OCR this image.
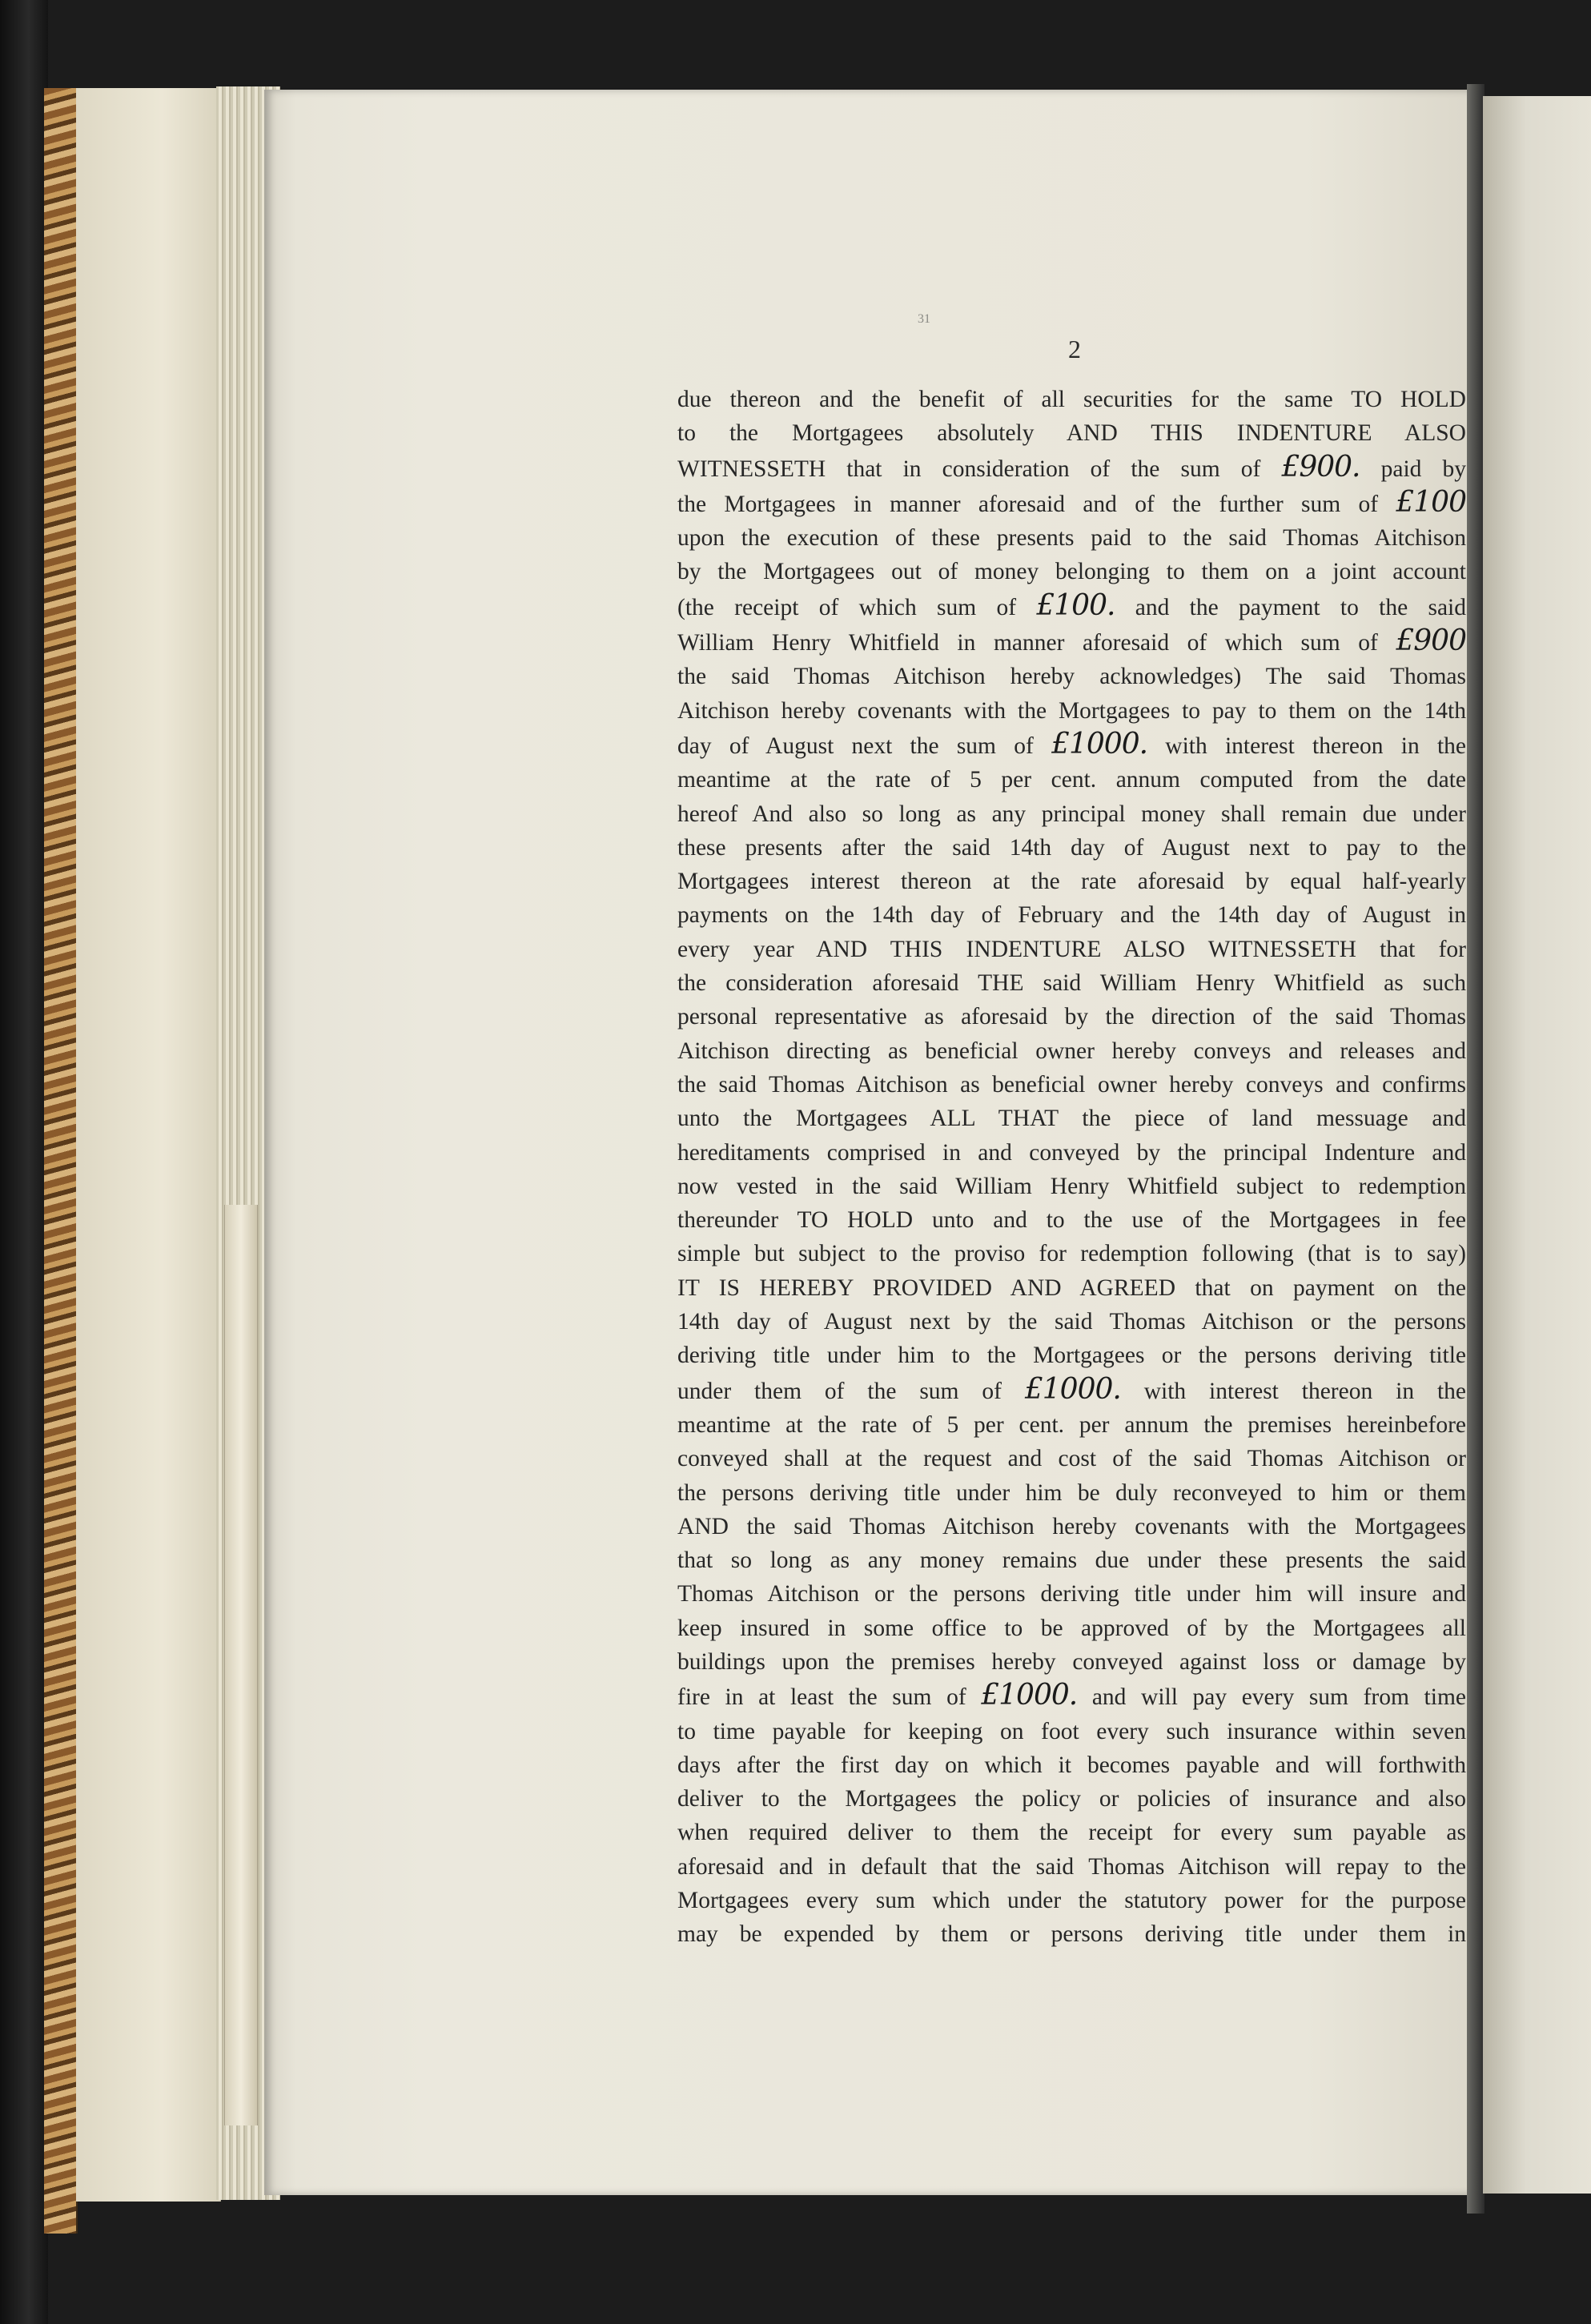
31
2
due thereon and the benefit of all securities for the same TO HOLD
to the Mortgagees absolutely AND THIS INDENTURE ALSO
WITNESSETH that in consideration of the sum of £900. paid by
the Mortgagees in manner aforesaid and of the further sum of £100
upon the execution of these presents paid to the said Thomas Aitchison
by the Mortgagees out of money belonging to them on a joint account
(the receipt of which sum of £100. and the payment to the said
William Henry Whitfield in manner aforesaid of which sum of £900
the said Thomas Aitchison hereby acknowledges) The said Thomas
Aitchison hereby covenants with the Mortgagees to pay to them on the 14th
day of August next the sum of £1000. with interest thereon in the
meantime at the rate of 5 per cent. annum computed from the date
hereof And also so long as any principal money shall remain due under
these presents after the said 14th day of August next to pay to the
Mortgagees interest thereon at the rate aforesaid by equal half-yearly
payments on the 14th day of February and the 14th day of August in
every year AND THIS INDENTURE ALSO WITNESSETH that for
the consideration aforesaid THE said William Henry Whitfield as such
personal representative as aforesaid by the direction of the said Thomas
Aitchison directing as beneficial owner hereby conveys and releases and
the said Thomas Aitchison as beneficial owner hereby conveys and confirms
unto the Mortgagees ALL THAT the piece of land messuage and
hereditaments comprised in and conveyed by the principal Indenture and
now vested in the said William Henry Whitfield subject to redemption
thereunder TO HOLD unto and to the use of the Mortgagees in fee
simple but subject to the proviso for redemption following (that is to say)
IT IS HEREBY PROVIDED AND AGREED that on payment on the
14th day of August next by the said Thomas Aitchison or the persons
deriving title under him to the Mortgagees or the persons deriving title
under them of the sum of £1000. with interest thereon in the
meantime at the rate of 5 per cent. per annum the premises hereinbefore
conveyed shall at the request and cost of the said Thomas Aitchison or
the persons deriving title under him be duly reconveyed to him or them
AND the said Thomas Aitchison hereby covenants with the Mortgagees
that so long as any money remains due under these presents the said
Thomas Aitchison or the persons deriving title under him will insure and
keep insured in some office to be approved of by the Mortgagees all
buildings upon the premises hereby conveyed against loss or damage by
fire in at least the sum of £1000. and will pay every sum from time
to time payable for keeping on foot every such insurance within seven
days after the first day on which it becomes payable and will forthwith
deliver to the Mortgagees the policy or policies of insurance and also
when required deliver to them the receipt for every sum payable as
aforesaid and in default that the said Thomas Aitchison will repay to the
Mortgagees every sum which under the statutory power for the purpose
may be expended by them or persons deriving title under them in
